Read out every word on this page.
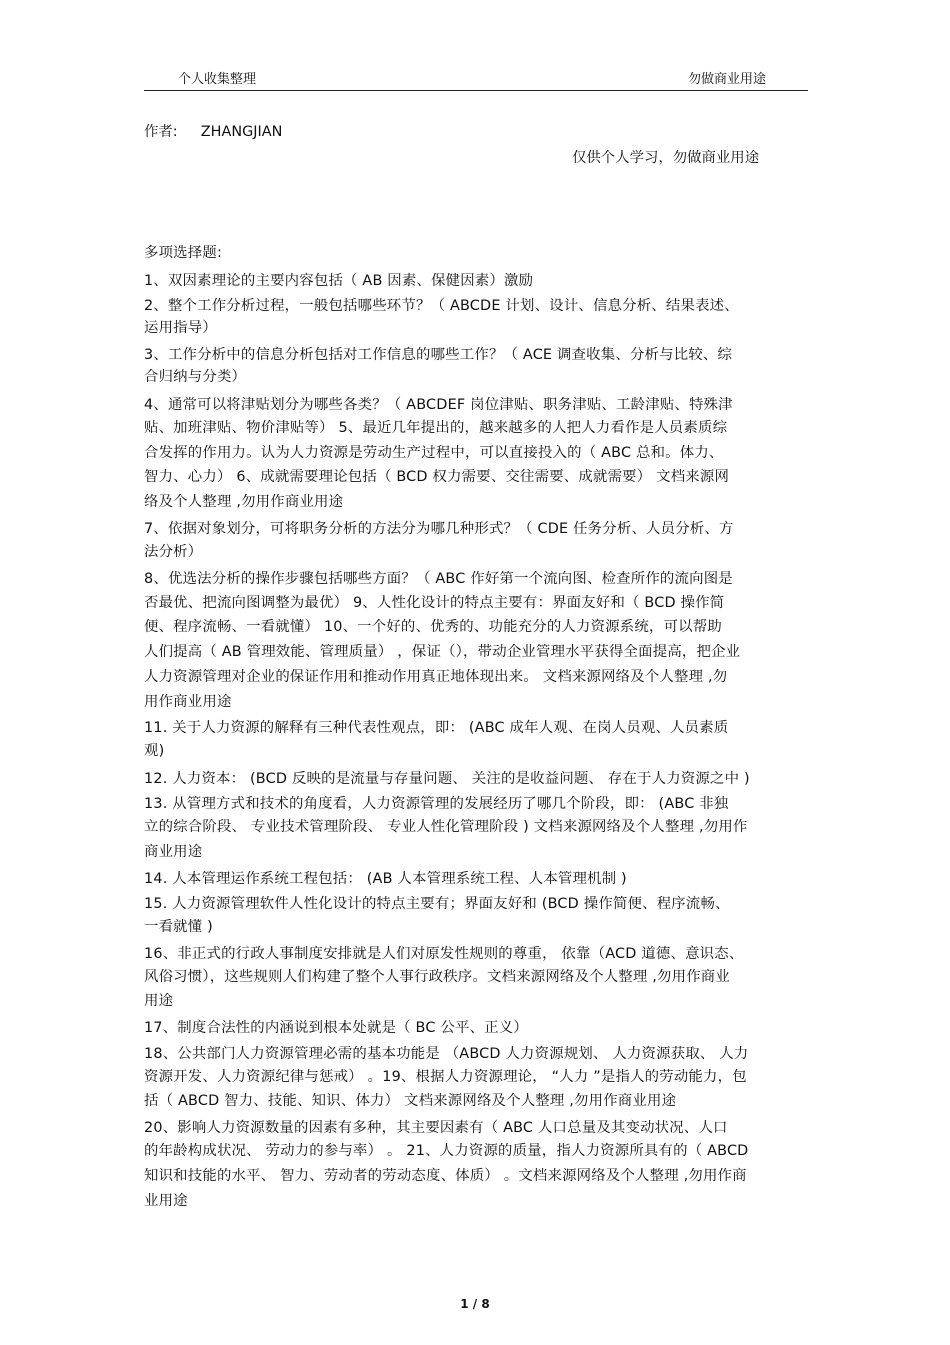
个人收集整理	勿做商业用途
作者: ZHANGJIAN
仅供个人学习，勿做商业用途
多项选择题:
1、双因素理论的主要内容包括（ AB 因素、保健因素）激励
2、整个工作分析过程，一般包括哪些环节？（ ABCDE 计划、设计、信息分析、结果表述、
运用指导）
3、工作分析中的信息分析包括对工作信息的哪些工作？（ ACE 调查收集、分析与比较、综
合归纳与分类）
4、通常可以将津贴划分为哪些各类？（ ABCDEF 岗位津贴、职务津贴、工龄津贴、特殊津
贴、加班津贴、物价津贴等） 5、最近几年提出的，越来越多的人把人力看作是人员素质综
合发挥的作用力。认为人力资源是劳动生产过程中，可以直接投入的（ ABC 总和。体力、
智力、心力） 6、成就需要理论包括（ BCD 权力需要、交往需要、成就需要） 文档来源网
络及个人整理 ,勿用作商业用途
7、依据对象划分，可将职务分析的方法分为哪几种形式？（ CDE 任务分析、人员分析、方
法分析）
8、优选法分析的操作步骤包括哪些方面？（ ABC 作好第一个流向图、检查所作的流向图是
否最优、把流向图调整为最优） 9、人性化设计的特点主要有：界面友好和（ BCD 操作简
便、程序流畅、一看就懂） 10、一个好的、优秀的、功能充分的人力资源系统，可以帮助
人们提高（ AB 管理效能、管理质量） ，保证（），带动企业管理水平获得全面提高，把企业
人力资源管理对企业的保证作用和推动作用真正地体现出来。 文档来源网络及个人整理 ,勿
用作商业用途
11. 关于人力资源的解释有三种代表性观点，即： (ABC 成年人观、在岗人员观、人员素质
观)
12. 人力资本： (BCD 反映的是流量与存量问题、 关注的是收益问题、 存在于人力资源之中 )
13. 从管理方式和技术的角度看，人力资源管理的发展经历了哪几个阶段，即： (ABC 非独
立的综合阶段、 专业技术管理阶段、 专业人性化管理阶段 ) 文档来源网络及个人整理 ,勿用作
商业用途
14. 人本管理运作系统工程包括： (AB 人本管理系统工程、人本管理机制 )
15. 人力资源管理软件人性化设计的特点主要有；界面友好和 (BCD 操作简便、程序流畅、
一看就懂 )
16、非正式的行政人事制度安排就是人们对原发性规则的尊重， 依靠（ACD 道德、意识态、
风俗习惯），这些规则人们构建了整个人事行政秩序。文档来源网络及个人整理 ,勿用作商业
用途
17、制度合法性的内涵说到根本处就是（ BC 公平、正义）
18、公共部门人力资源管理必需的基本功能是 （ABCD 人力资源规划、 人力资源获取、 人力
资源开发、人力资源纪律与惩戒） 。19、根据人力资源理论， “人力 ”是指人的劳动能力，包
括（ ABCD 智力、技能、知识、体力） 文档来源网络及个人整理 ,勿用作商业用途
20、影响人力资源数量的因素有多种，其主要因素有（ ABC 人口总量及其变动状况、人口
的年龄构成状况、 劳动力的参与率） 。 21、人力资源的质量，指人力资源所具有的（ ABCD
知识和技能的水平、 智力、劳动者的劳动态度、体质） 。文档来源网络及个人整理 ,勿用作商
业用途
1 / 8
